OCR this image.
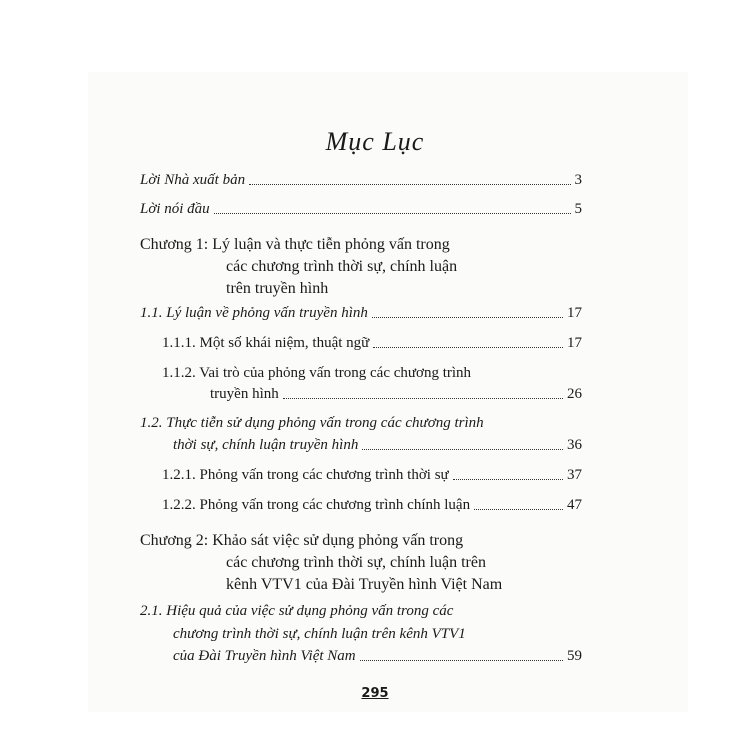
Mục Lục
Lời Nhà xuất bản	3
Lời nói đầu	5
Chương 1: Lý luận và thực tiễn phỏng vấn trong
các chương trình thời sự, chính luận
trên truyền hình
1.1. Lý luận về phỏng vấn truyền hình	17
1.1.1. Một số khái niệm, thuật ngữ	17
1.1.2. Vai trò của phỏng vấn trong các chương trình
truyền hình	26
1.2. Thực tiễn sử dụng phỏng vấn trong các chương trình
thời sự, chính luận truyền hình	36
1.2.1. Phỏng vấn trong các chương trình thời sự	37
1.2.2. Phỏng vấn trong các chương trình chính luận	47
Chương 2: Khảo sát việc sử dụng phỏng vấn trong
các chương trình thời sự, chính luận trên
kênh VTV1 của Đài Truyền hình Việt Nam
2.1. Hiệu quả của việc sử dụng phỏng vấn trong các
chương trình thời sự, chính luận trên kênh VTV1
của Đài Truyền hình Việt Nam	59
295
